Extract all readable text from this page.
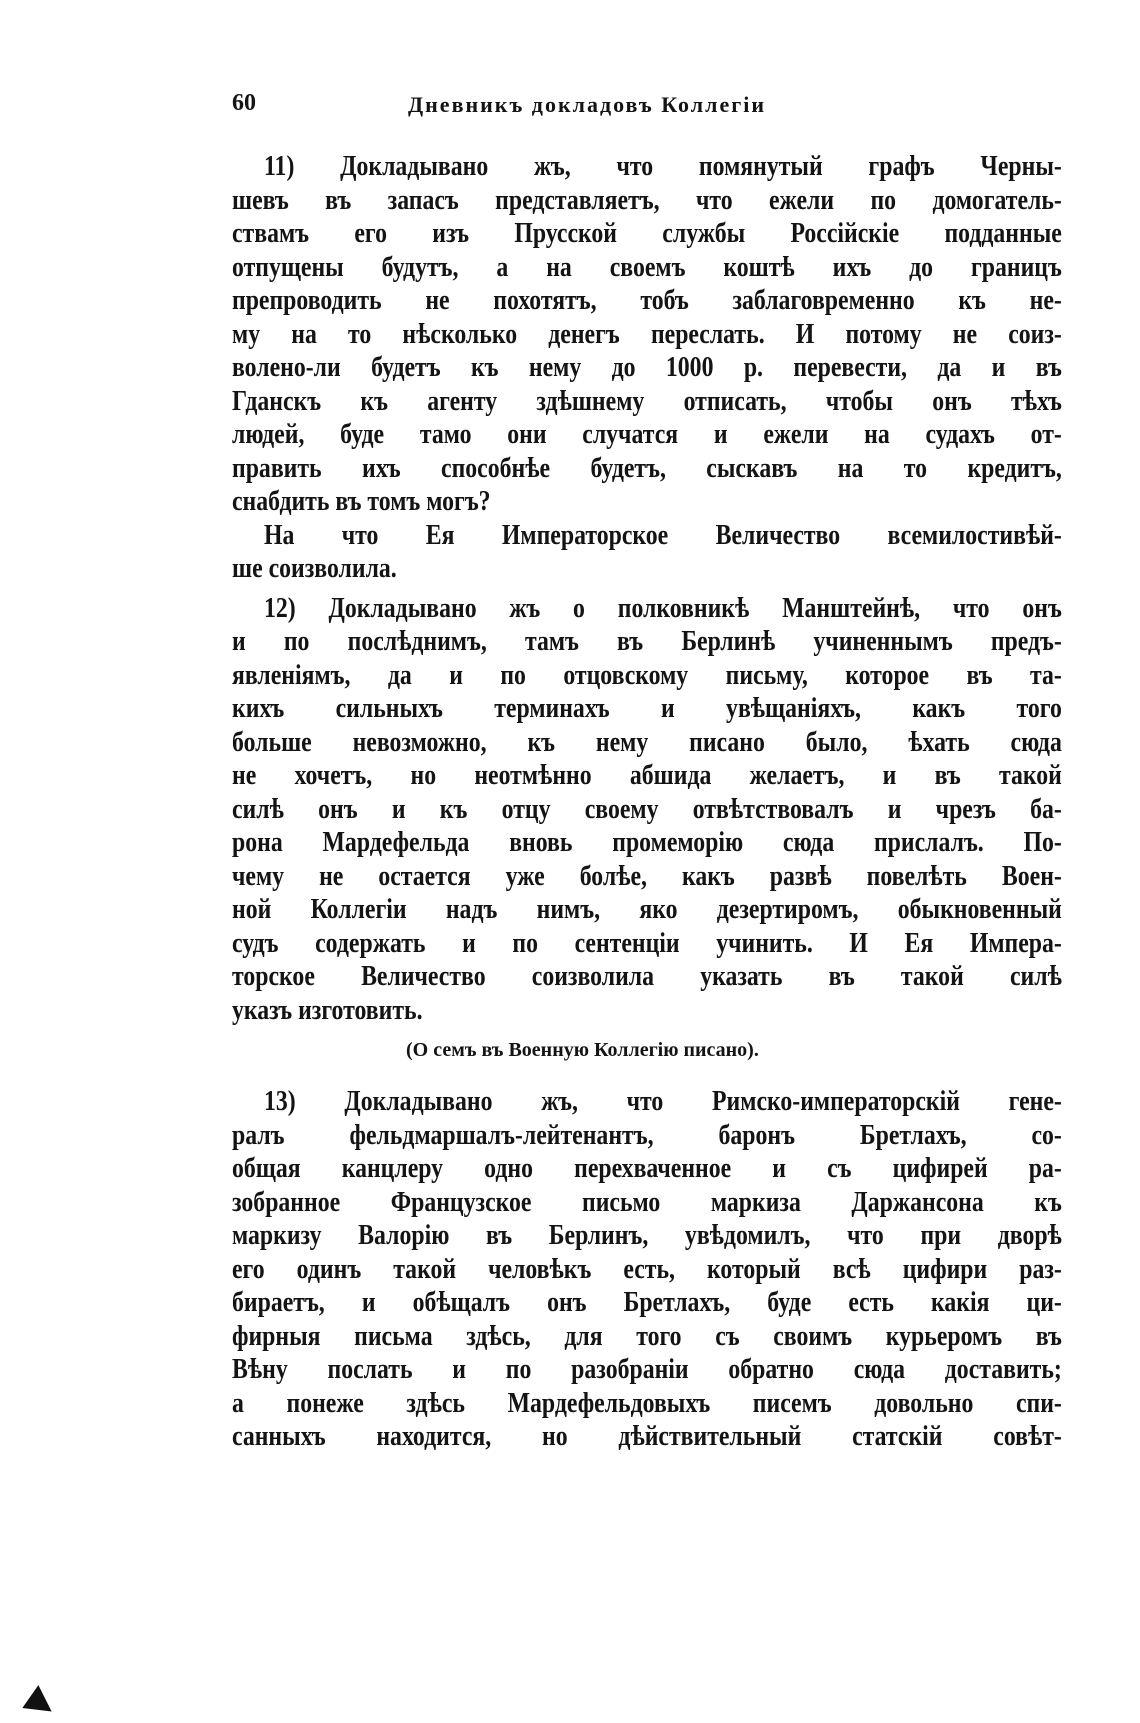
60	Дневникъ докладовъ Коллегіи
11) Докладывано жъ, что помянутый графъ Черны-
шевъ въ запасъ представляетъ, что ежели по домогатель-
ствамъ его изъ Прусской службы Россійскіе подданные
отпущены будутъ, а на своемъ коштѣ ихъ до границъ
препроводить не похотятъ, тобъ заблаговременно къ не-
му на то нѣсколько денегъ переслать. И потому не соиз-
волено-ли будетъ къ нему до 1000 р. перевести, да и въ
Гданскъ къ агенту здѣшнему отписать, чтобы онъ тѣхъ
людей, буде тамо они случатся и ежели на судахъ от-
править ихъ способнѣе будетъ, сыскавъ на то кредитъ,
снабдить въ томъ могъ?
На что Ея Императорское Величество всемилостивѣй-
ше соизволила.
12) Докладывано жъ о полковникѣ Манштейнѣ, что онъ
и по послѣднимъ, тамъ въ Берлинѣ учиненнымъ предъ-
явленіямъ, да и по отцовскому письму, которое въ та-
кихъ сильныхъ терминахъ и увѣщаніяхъ, какъ того
больше невозможно, къ нему писано было, ѣхать сюда
не хочетъ, но неотмѣнно абшида желаетъ, и въ такой
силѣ онъ и къ отцу своему отвѣтствовалъ и чрезъ ба-
рона Мардефельда вновь промеморію сюда прислалъ. По-
чему не остается уже болѣе, какъ развѣ повелѣть Воен-
ной Коллегіи надъ нимъ, яко дезертиромъ, обыкновенный
судъ содержать и по сентенціи учинить. И Ея Импера-
торское Величество соизволила указать въ такой силѣ
указъ изготовить.
(О семъ въ Военную Коллегію писано).
13) Докладывано жъ, что Римско-императорскій гене-
ралъ фельдмаршалъ-лейтенантъ, баронъ Бретлахъ, со-
общая канцлеру одно перехваченное и съ цифирей ра-
зобранное Французское письмо маркиза Даржансона къ
маркизу Валорію въ Берлинъ, увѣдомилъ, что при дворѣ
его одинъ такой человѣкъ есть, который всѣ цифири раз-
бираетъ, и обѣщалъ онъ Бретлахъ, буде есть какія ци-
фирныя письма здѣсь, для того съ своимъ курьеромъ въ
Вѣну послать и по разобраніи обратно сюда доставить;
а понеже здѣсь Мардефельдовыхъ писемъ довольно спи-
санныхъ находится, но дѣйствительный статскій совѣт-
